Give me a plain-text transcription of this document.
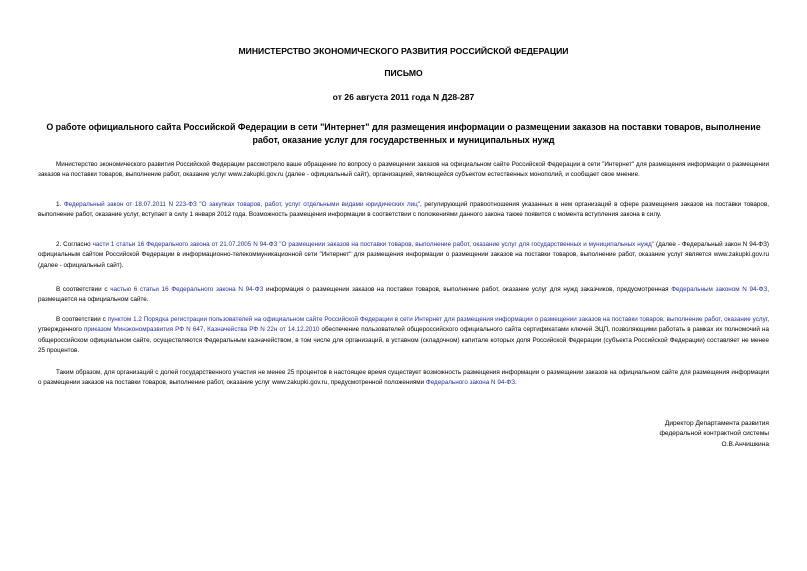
МИНИСТЕРСТВО ЭКОНОМИЧЕСКОГО РАЗВИТИЯ РОССИЙСКОЙ ФЕДЕРАЦИИ
ПИСЬМО
от 26 августа 2011 года N Д28-287
О работе официального сайта Российской Федерации в сети "Интернет" для размещения информации о размещении заказов на поставки товаров, выполнение работ, оказание услуг для государственных и муниципальных нужд

Министерство экономического развития Российской Федерации рассмотрело ваше обращение по вопросу о размещении заказов на официальном сайте Российской Федерации в сети "Интернет" для размещения информации о размещении заказов на поставки товаров, выполнение работ, оказание услуг www.zakupki.gov.ru (далее - официальный сайт), организацией, являющейся субъектом естественных монополий, и сообщает свое мнение.

1. Федеральный закон от 18.07.2011 N 223-ФЗ "О закупках товаров, работ, услуг отдельными видами юридических лиц", регулирующий правоотношения указанных в нем организаций в сфере размещения заказов на поставки товаров, выполнение работ, оказание услуг, вступает в силу 1 января 2012 года. Возможность размещения информации в соответствии с положениями данного закона также появится с момента вступления закона в силу.

2. Согласно части 1 статьи 16 Федерального закона от 21.07.2005 N 94-ФЗ "О размещении заказов на поставки товаров, выполнение работ, оказание услуг для государственных и муниципальных нужд" (далее - Федеральный закон N 94-ФЗ) официальным сайтом Российской Федерации в информационно-телекоммуникационной сети "Интернет" для размещения информации о размещении заказов на поставки товаров, выполнение работ, оказание услуг является www.zakupki.gov.ru (далее - официальный сайт).

В соответствии с частью 6 статьи 16 Федерального закона N 94-ФЗ информация о размещении заказов на поставки товаров, выполнение работ, оказание услуг для нужд заказчиков, предусмотренная Федеральным законом N 94-ФЗ, размещается на официальном сайте.

В соответствии с пунктом 1.2 Порядка регистрации пользователей на официальном сайте Российской Федерации в сети Интернет для размещения информации о размещении заказов на поставки товаров, выполнение работ, оказание услуг, утвержденного приказом Минэкономразвития РФ N 647, Казначейства РФ N 22н от 14.12.2010 обеспечение пользователей общероссийского официального сайта сертификатами ключей ЭЦП, позволяющими работать в рамках их полномочий на общероссийском официальном сайте, осуществляются Федеральным казначейством, в том числе для организаций, в уставном (складочном) капитале которых доля Российской Федерации (субъекта Российской Федерации) составляет не менее 25 процентов.

Таким образом, для организаций с долей государственного участия не менее 25 процентов в настоящее время существует возможность размещения информации о размещении заказов на официальном сайте для размещения информации о размещении заказов на поставки товаров, выполнение работ, оказание услуг www.zakupki.gov.ru, предусмотренной положениями Федерального закона N 94-ФЗ.

Директор Департамента развития
федеральной контрактной системы
О.В.Анчишкина
